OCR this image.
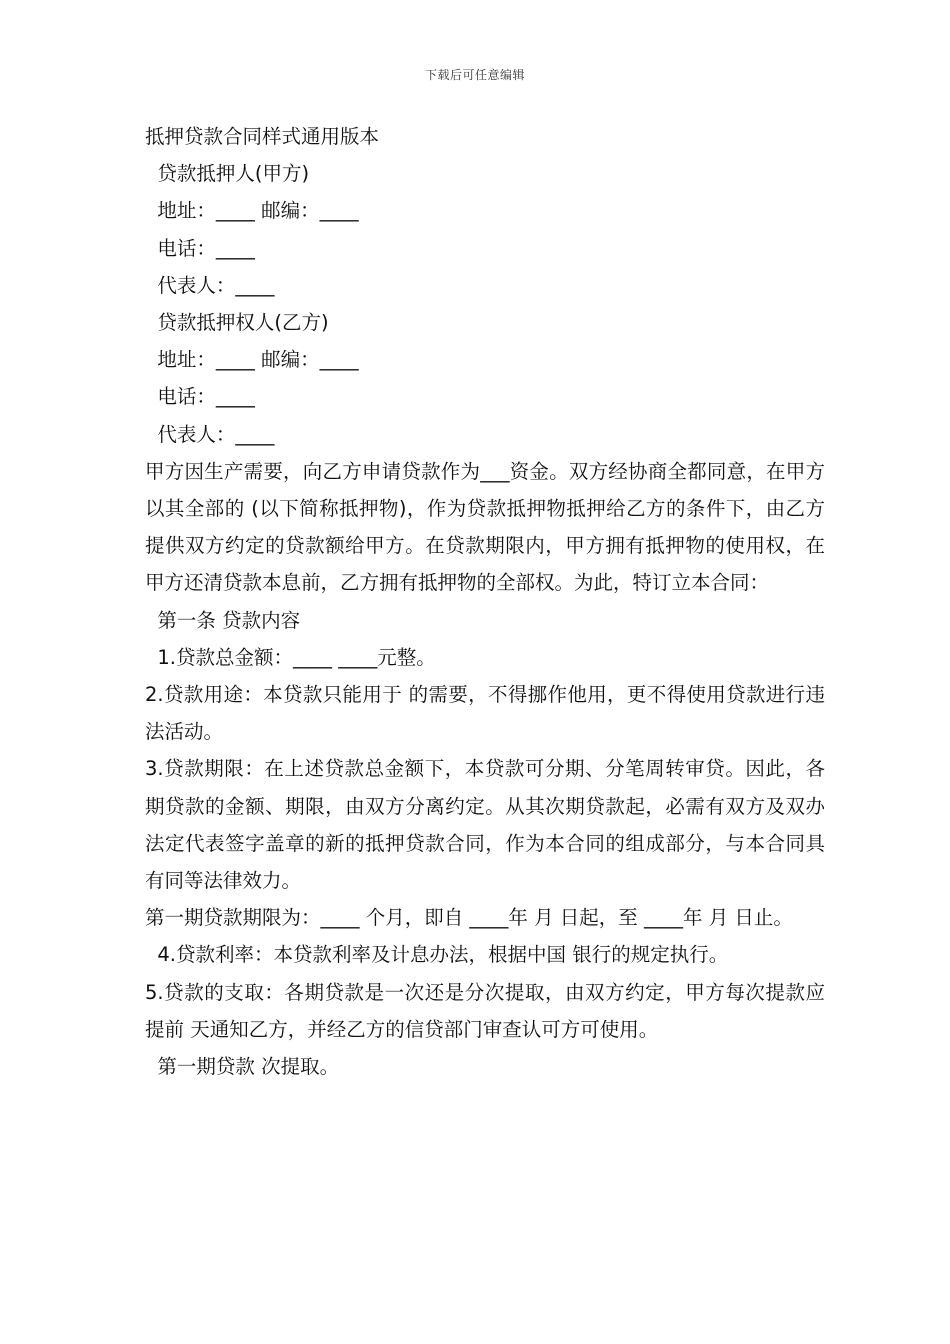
下载后可任意编辑
抵押贷款合同样式通用版本
贷款抵押人(甲方)
地址：____ 邮编：____
电话：____
代表人：____
贷款抵押权人(乙方)
地址：____ 邮编：____
电话：____
代表人：____

甲方因生产需要，向乙方申请贷款作为___资金。双方经协商全都同意，在甲方以其全部的 (以下简称抵押物)，作为贷款抵押物抵押给乙方的条件下，由乙方提供双方约定的贷款额给甲方。在贷款期限内，甲方拥有抵押物的使用权，在甲方还清贷款本息前，乙方拥有抵押物的全部权。为此，特订立本合同：

第一条 贷款内容
1.贷款总金额：____ ____元整。

2.贷款用途：本贷款只能用于 的需要，不得挪作他用，更不得使用贷款进行违法活动。

3.贷款期限：在上述贷款总金额下，本贷款可分期、分笔周转审贷。因此，各期贷款的金额、期限，由双方分离约定。从其次期贷款起，必需有双方及双办法定代表签字盖章的新的抵押贷款合同，作为本合同的组成部分，与本合同具有同等法律效力。

第一期贷款期限为：____ 个月，即自 ____年 月 日起，至 ____年 月 日止。

4.贷款利率：本贷款利率及计息办法，根据中国 银行的规定执行。

5.贷款的支取：各期贷款是一次还是分次提取，由双方约定，甲方每次提款应提前 天通知乙方，并经乙方的信贷部门审查认可方可使用。

第一期贷款 次提取。
